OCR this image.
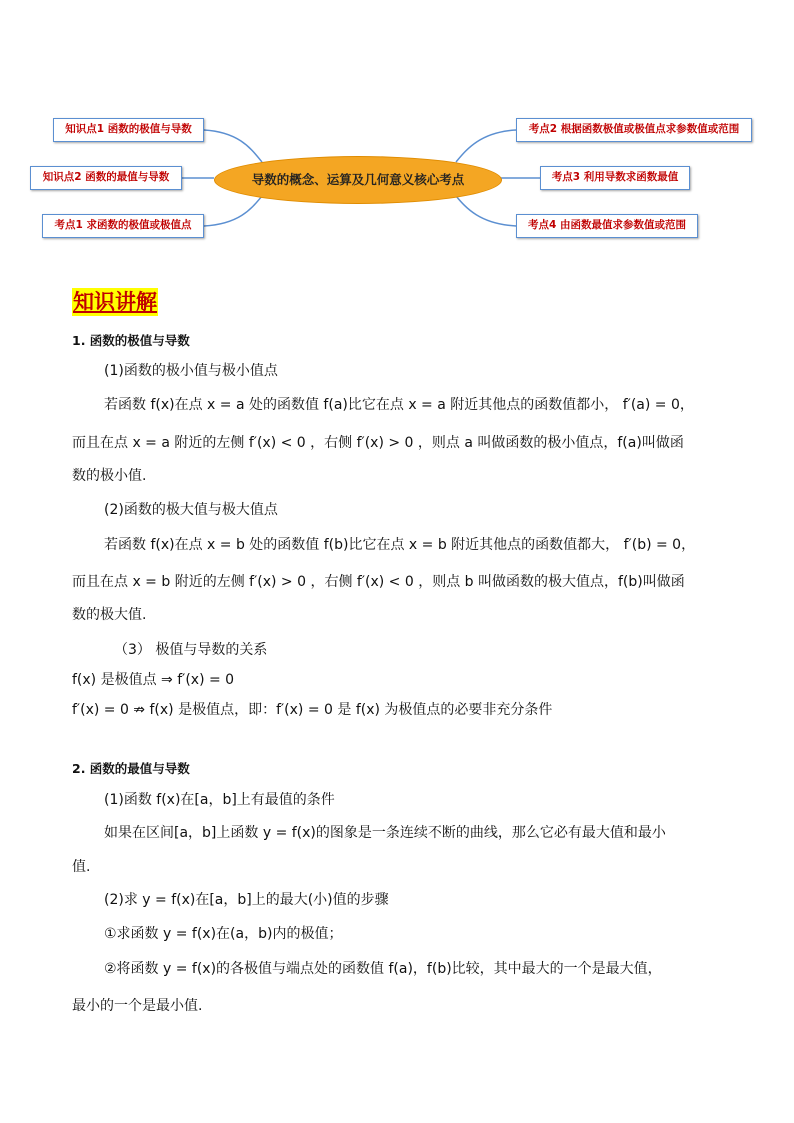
导数的概念、运算及几何意义核心考点
知识点1 函数的极值与导数
知识点2 函数的最值与导数
考点1 求函数的极值或极值点
考点2 根据函数极值或极值点求参数值或范围
考点3 利用导数求函数最值
考点4 由函数最值求参数值或范围
知识讲解
1. 函数的极值与导数
(1)函数的极小值与极小值点
若函数 f(x)在点 x = a 处的函数值 f(a)比它在点 x = a 附近其他点的函数值都小， f′(a) = 0，
而且在点 x = a 附近的左侧 f′(x) < 0 ，右侧 f′(x) > 0 ，则点 a 叫做函数的极小值点，f(a)叫做函
数的极小值.
(2)函数的极大值与极大值点
若函数 f(x)在点 x = b 处的函数值 f(b)比它在点 x = b 附近其他点的函数值都大， f′(b) = 0，
而且在点 x = b 附近的左侧 f′(x) > 0 ，右侧 f′(x) < 0 ，则点 b 叫做函数的极大值点，f(b)叫做函
数的极大值.
（3） 极值与导数的关系
f(x) 是极值点 ⇒ f′(x) = 0
f′(x) = 0 ⇏ f(x) 是极值点，即：f′(x) = 0 是 f(x) 为极值点的必要非充分条件
2. 函数的最值与导数
(1)函数 f(x)在[a，b]上有最值的条件
如果在区间[a，b]上函数 y = f(x)的图象是一条连续不断的曲线，那么它必有最大值和最小
值.
(2)求 y = f(x)在[a，b]上的最大(小)值的步骤
①求函数 y = f(x)在(a，b)内的极值；
②将函数 y = f(x)的各极值与端点处的函数值 f(a)，f(b)比较，其中最大的一个是最大值，
最小的一个是最小值.
